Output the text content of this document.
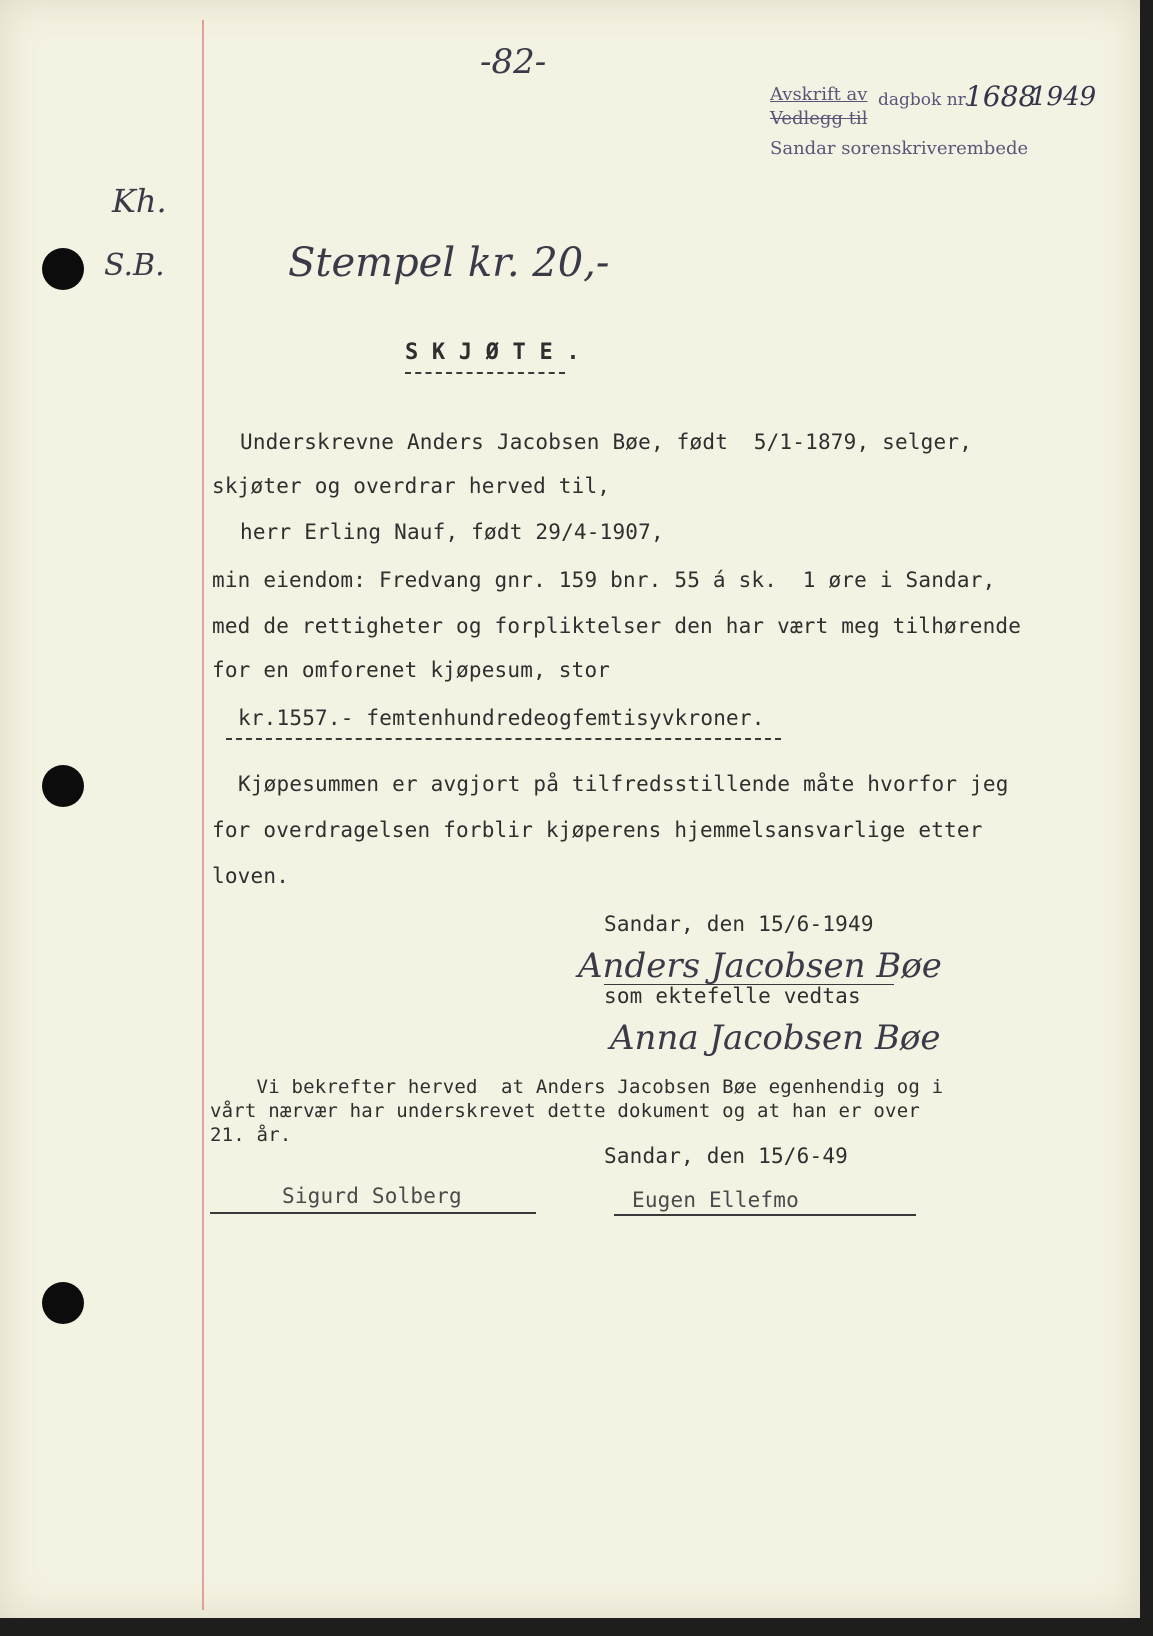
-82-

Avskrift av dagbok nr.

1688

1949

Vedlegg til

Sandar sorenskriverembede

Kh.

S.B.	Stempel kr. 20,-

S K J Ø T E .

Underskrevne Anders Jacobsen Bøe, født  5/1-1879, selger,

skjøter og overdrar herved til,

herr Erling Nauf, født 29/4-1907,

min eiendom: Fredvang gnr. 159 bnr. 55 á sk.  1 øre i Sandar,

med de rettigheter og forpliktelser den har vært meg tilhørende

for en omforenet kjøpesum, stor

kr.1557.- femtenhundredeogfemtisyvkroner.

Kjøpesummen er avgjort på tilfredsstillende måte hvorfor jeg

for overdragelsen forblir kjøperens hjemmelsansvarlige etter

loven.

Sandar, den 15/6-1949

Anders Jacobsen Bøe

som ektefelle vedtas

Anna Jacobsen Bøe

Vi bekrefter herved  at Anders Jacobsen Bøe egenhendig og i

vårt nærvær har underskrevet dette dokument og at han er over

21. år.

Sandar, den 15/6-49

Sigurd Solberg	Eugen Ellefmo
